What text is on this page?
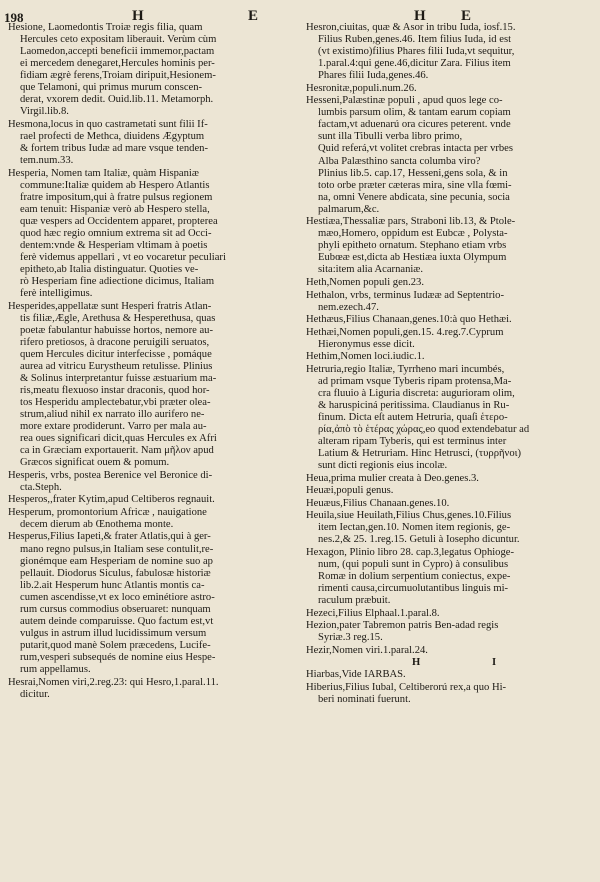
198	H	E	H E
Hesione, Laomedontis Troiæ regis filia, quam
Hercules ceto expositam liberauit. Verùm cùm
Laomedon,accepti beneficii immemor,pactam
ei mercedem denegaret,Hercules hominis per-
fidiam ægrè ferens,Troiam diripuit,Hesionem-
que Telamoni, qui primus murum conscen-
derat, vxorem dedit. Ouid.lib.11. Metamorph.
Virgil.lib.8.
Hesmona,locus in quo castrametati sunt filii If-
rael profecti de Methca, diuidens Ægyptum
& fortem tribus Iudæ ad mare vsque tenden-
tem.num.33.
Hesperia, Nomen tam Italiæ, quàm Hispaniæ
commune:Italiæ quidem ab Hespero Atlantis
fratre impositum,qui à fratre pulsus regionem
eam tenuit: Hispaniæ verò ab Hespero stella,
quæ vespers ad Occidentem apparet, propterea
quod hæc regio omnium extrema sit ad Occi-
dentem:vnde & Hesperiam vltimam à poetis
ferè videmus appellari , vt eo vocaretur peculiari
epitheto,ab Italia distinguatur. Quoties ve-
rò Hesperiam fine adiectione dicimus, Italiam
ferè intelligimus.
Hesperides,appellatæ sunt Hesperi fratris Atlan-
tis filiæ,Ægle, Arethusa & Hesperethusa, quas
poetæ fabulantur habuisse hortos, nemore au-
rifero pretiosos, à dracone peruigili seruatos,
quem Hercules dicitur interfecisse , pomáque
aurea ad vitricu Eurystheum retulisse. Plinius
& Solinus interpretantur fuisse æstuarium ma-
ris,meatu flexuoso instar draconis, quod hor-
tos Hesperidu amplectebatur,vbi præter olea-
strum,aliud nihil ex narrato illo aurifero ne-
more extare prodiderunt. Varro per mala au-
rea oues significari dicit,quas Hercules ex Afri
ca in Græciam exportauerit. Nam μῆλον apud
Græcos significat ouem & pomum.
Hesperis, vrbs, postea Berenice vel Beronice di-
cta.Steph.
Hesperos,,frater Kytim,apud Celtiberos regnauit.
Hesperum, promontorium Africæ , nauigatione
decem dierum ab Œnothema monte.
Hesperus,Filius Iapeti,& frater Atlatis,qui à ger-
mano regno pulsus,in Italiam sese contulit,re-
gionémque eam Hesperiam de nomine suo ap
pellauit. Diodorus Siculus, fabulosæ historiæ
lib.2.ait Hesperum hunc Atlantis montis ca-
cumen ascendisse,vt ex loco eminétiore astro-
rum cursus commodius obseruaret: nunquam
autem deinde comparuisse. Quo factum est,vt
vulgus in astrum illud lucidissimum versum
putarit,quod manè Solem præcedens, Lucife-
rum,vesperi subsequés de nomine eius Hespe-
rum appellamus.
Hesrai,Nomen viri,2.reg.23: qui Hesro,1.paral.11.
dicitur.
Hesron,ciuitas, quæ & Asor in tribu Iuda, iosf.15.
Filius Ruben,genes.46. Item filius Iuda, id est
(vt existimo)filius Phares filii Iuda,vt sequitur,
1.paral.4:qui gene.46,dicitur Zara. Filius item
Phares filii Iuda,genes.46.
Hesronitæ,populi.num.26.
Hesseni,Palæstinæ populi , apud quos lege co-
lumbis parsum olim, & tantam earum copiam
factam,vt aduenarú ora cicures peterent. vnde
sunt illa Tibulli verba libro primo,
Quid referá,vt volitet crebras intacta per vrbes
Alba Palæsthino sancta columba viro?
Plinius lib.5. cap.17, Hesseni,gens sola, & in
toto orbe præter cæteras mira, sine vlla fœmi-
na, omni Venere abdicata, sine pecunia, socia
palmarum,&c.
Hestiæa,Thessaliæ pars, Straboni lib.13, & Ptole-
mæo,Homero, oppidum est Eubcæ , Polysta-
phyli epitheto ornatum. Stephano etiam vrbs
Eubœæ est,dicta ab Hestiæa iuxta Olympum
sita:item alia Acarnaniæ.
Heth,Nomen populi gen.23.
Hethalon, vrbs, terminus Iudææ ad Septentrio-
nem.ezech.47.
Hethæus,Filius Chanaan,genes.10:à quo Hethæi.
Hethæi,Nomen populi,gen.15. 4.reg.7.Cyprum
Hieronymus esse dicit.
Hethim,Nomen loci.iudic.1.
Hetruria,regio Italiæ, Tyrrheno mari incumbés,
ad primam vsque Tyberis ripam protensa,Ma-
cra fluuio à Liguria discreta: augurioram olim,
& haruspiciná peritissima. Claudianus in Ru-
finum. Dicta eſt autem Hetruria, quaſi ἑτερο-
ρία,ἀπὸ τὸ ἑτέρας χώρας,eo quod extendebatur ad
alteram ripam Tyberis, qui est terminus inter
Latium & Hetruriam. Hinc Hetrusci, (τυρρῆνοι)
sunt dicti regionis eius incolæ.
Heua,prima mulier creata à Deo.genes.3.
Heuæi,populi genus.
Heuæus,Filius Chanaan.genes.10.
Heuila,siue Heuilath,Filius Chus,genes.10.Filius
item Iectan,gen.10. Nomen item regionis, ge-
nes.2,& 25. 1.reg.15. Getuli à Iosepho dicuntur.
Hexagon, Plinio libro 28. cap.3,legatus Ophioge-
num, (qui populi sunt in Cypro) à consulibus
Romæ in dolium serpentium coniectus, expe-
rimenti causa,circumuolutantibus linguis mi-
raculum præbuit.
Hezeci,Filius Elphaal.1.paral.8.
Hezion,pater Tabremon patris Ben-adad regis
Syriæ.3 reg.15.
Hezir,Nomen viri.1.paral.24.
H	I
Hiarbas,Vide IARBAS.
Hiberius,Filius Iubal, Celtiberorú rex,a quo Hi-
beri nominati fuerunt.
